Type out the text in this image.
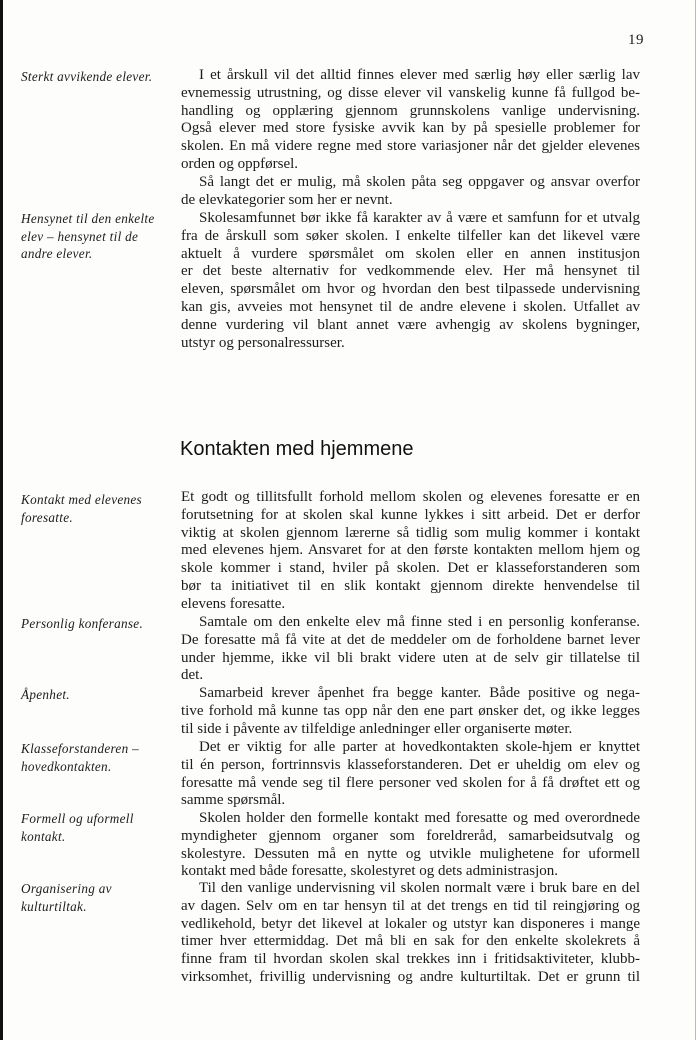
19
Sterkt avvikende elever.
Hensynet til den enkelte
elev – hensynet til de
andre elever.
Kontakt med elevenes
foresatte.
Personlig konferanse.
Åpenhet.
Klasseforstanderen –
hovedkontakten.
Formell og uformell
kontakt.
Organisering av
kulturtiltak.
I et årskull vil det alltid finnes elever med særlig høy eller særlig lav
evnemessig utrustning, og disse elever vil vanskelig kunne få fullgod be-
handling og opplæring gjennom grunnskolens vanlige undervisning.
Også elever med store fysiske avvik kan by på spesielle problemer for
skolen. En må videre regne med store variasjoner når det gjelder elevenes
orden og oppførsel.
Så langt det er mulig, må skolen påta seg oppgaver og ansvar overfor
de elevkategorier som her er nevnt.
Skolesamfunnet bør ikke få karakter av å være et samfunn for et utvalg
fra de årskull som søker skolen. I enkelte tilfeller kan det likevel være
aktuelt å vurdere spørsmålet om skolen eller en annen institusjon
er det beste alternativ for vedkommende elev. Her må hensynet til
eleven, spørsmålet om hvor og hvordan den best tilpassede undervisning
kan gis, avveies mot hensynet til de andre elevene i skolen. Utfallet av
denne vurdering vil blant annet være avhengig av skolens bygninger,
utstyr og personalressurser.
Kontakten med hjemmene
Et godt og tillitsfullt forhold mellom skolen og elevenes foresatte er en
forutsetning for at skolen skal kunne lykkes i sitt arbeid. Det er derfor
viktig at skolen gjennom lærerne så tidlig som mulig kommer i kontakt
med elevenes hjem. Ansvaret for at den første kontakten mellom hjem og
skole kommer i stand, hviler på skolen. Det er klasseforstanderen som
bør ta initiativet til en slik kontakt gjennom direkte henvendelse til
elevens foresatte.
Samtale om den enkelte elev må finne sted i en personlig konferanse.
De foresatte må få vite at det de meddeler om de forholdene barnet lever
under hjemme, ikke vil bli brakt videre uten at de selv gir tillatelse til
det.
Samarbeid krever åpenhet fra begge kanter. Både positive og nega-
tive forhold må kunne tas opp når den ene part ønsker det, og ikke legges
til side i påvente av tilfeldige anledninger eller organiserte møter.
Det er viktig for alle parter at hovedkontakten skole-hjem er knyttet
til én person, fortrinnsvis klasseforstanderen. Det er uheldig om elev og
foresatte må vende seg til flere personer ved skolen for å få drøftet ett og
samme spørsmål.
Skolen holder den formelle kontakt med foresatte og med overordnede
myndigheter gjennom organer som foreldreråd, samarbeidsutvalg og
skolestyre. Dessuten må en nytte og utvikle mulighetene for uformell
kontakt med både foresatte, skolestyret og dets administrasjon.
Til den vanlige undervisning vil skolen normalt være i bruk bare en del
av dagen. Selv om en tar hensyn til at det trengs en tid til reingjøring og
vedlikehold, betyr det likevel at lokaler og utstyr kan disponeres i mange
timer hver ettermiddag. Det må bli en sak for den enkelte skolekrets å
finne fram til hvordan skolen skal trekkes inn i fritidsaktiviteter, klubb-
virksomhet, frivillig undervisning og andre kulturtiltak. Det er grunn til
